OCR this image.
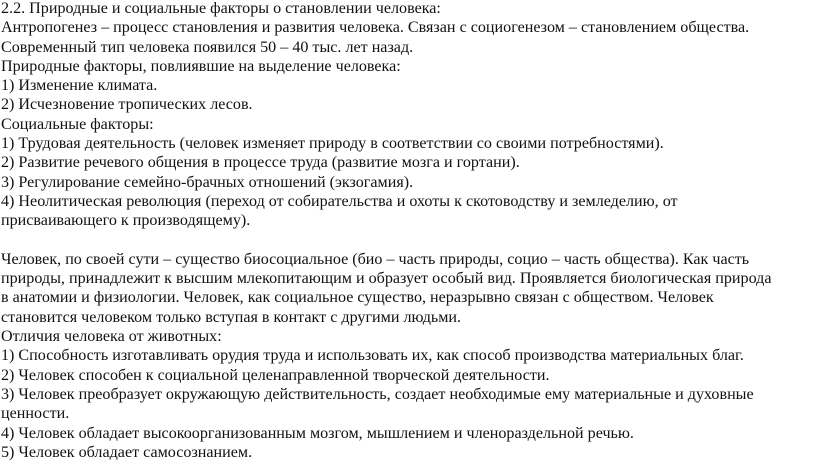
2.2. Природные и социальные факторы о становлении человека:
Антропогенез – процесс становления и развития человека. Связан с социогенезом – становлением общества.
Современный тип человека появился 50 – 40 тыс. лет назад.
Природные факторы, повлиявшие на выделение человека:
1) Изменение климата.
2) Исчезновение тропических лесов.
Социальные факторы:
1) Трудовая деятельность (человек изменяет природу в соответствии со своими потребностями).
2) Развитие речевого общения в процессе труда (развитие мозга и гортани).
3) Регулирование семейно-брачных отношений (экзогамия).
4) Неолитическая революция (переход от собирательства и охоты к скотоводству и земледелию, от
присваивающего к производящему).
Человек, по своей сути – существо биосоциальное (био – часть природы, социо – часть общества). Как часть
природы, принадлежит к высшим млекопитающим и образует особый вид. Проявляется биологическая природа
в анатомии и физиологии. Человек, как социальное существо, неразрывно связан с обществом. Человек
становится человеком только вступая в контакт с другими людьми.
Отличия человека от животных:
1) Способность изготавливать орудия труда и использовать их, как способ производства материальных благ.
2) Человек способен к социальной целенаправленной творческой деятельности.
3) Человек преобразует окружающую действительность, создает необходимые ему материальные и духовные
ценности.
4) Человек обладает высокоорганизованным мозгом, мышлением и членораздельной речью.
5) Человек обладает самосознанием.
